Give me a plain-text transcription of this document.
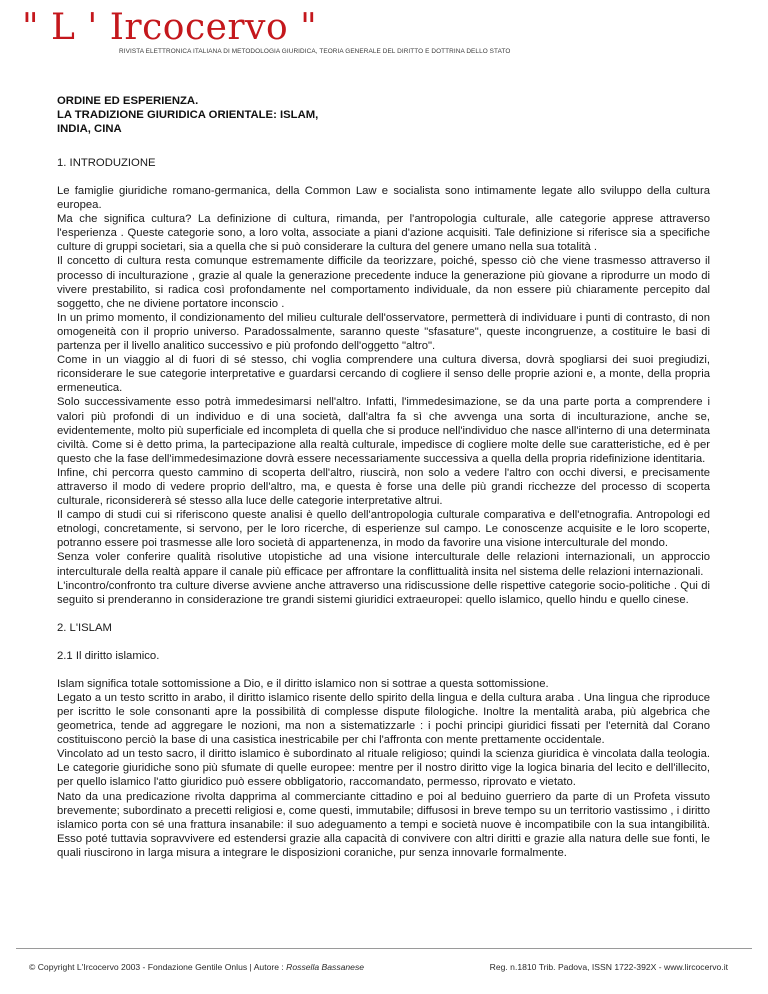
" L ' Ircocervo "
RIVISTA ELETTRONICA ITALIANA DI METODOLOGIA GIURIDICA, TEORIA GENERALE DEL DIRITTO E DOTTRINA DELLO STATO
ORDINE ED ESPERIENZA.
LA TRADIZIONE GIURIDICA ORIENTALE: ISLAM,
INDIA, CINA
1. INTRODUZIONE

Le famiglie giuridiche romano-germanica, della Common Law e socialista sono intimamente legate allo sviluppo della cultura europea.

Ma che significa cultura? La definizione di cultura, rimanda, per l'antropologia culturale, alle categorie apprese attraverso l'esperienza . Queste categorie sono, a loro volta, associate a piani d'azione acquisiti. Tale definizione si riferisce sia a specifiche culture di gruppi societari, sia a quella che si può considerare la cultura del genere umano nella sua totalità .

Il concetto di cultura resta comunque estremamente difficile da teorizzare, poiché, spesso ciò che viene trasmesso attraverso il processo di inculturazione , grazie al quale la generazione precedente induce la generazione più giovane a riprodurre un modo di vivere prestabilito, si radica così profondamente nel comportamento individuale, da non essere più chiaramente percepito dal soggetto, che ne diviene portatore inconscio .

In un primo momento, il condizionamento del milieu culturale dell'osservatore, permetterà di individuare i punti di contrasto, di non omogeneità con il proprio universo. Paradossalmente, saranno queste "sfasature", queste incongruenze, a costituire le basi di partenza per il livello analitico successivo e più profondo dell'oggetto "altro".

Come in un viaggio al di fuori di sé stesso, chi voglia comprendere una cultura diversa, dovrà spogliarsi dei suoi pregiudizi, riconsiderare le sue categorie interpretative e guardarsi cercando di cogliere il senso delle proprie azioni e, a monte, della propria ermeneutica.

Solo successivamente esso potrà immedesimarsi nell'altro. Infatti, l'immedesimazione, se da una parte porta a comprendere i valori più profondi di un individuo e di una società, dall'altra fa sì che avvenga una sorta di inculturazione, anche se, evidentemente, molto più superficiale ed incompleta di quella che si produce nell'individuo che nasce all'interno di una determinata civiltà. Come si è detto prima, la partecipazione alla realtà culturale, impedisce di cogliere molte delle sue caratteristiche, ed è per questo che la fase dell'immedesimazione dovrà essere necessariamente successiva a quella della propria ridefinizione identitaria.

Infine, chi percorra questo cammino di scoperta dell'altro, riuscirà, non solo a vedere l'altro con occhi diversi, e precisamente attraverso il modo di vedere proprio dell'altro, ma, e questa è forse una delle più grandi ricchezze del processo di scoperta culturale, riconsidererà sé stesso alla luce delle categorie interpretative altrui.

Il campo di studi cui si riferiscono queste analisi è quello dell'antropologia culturale comparativa e dell'etnografia. Antropologi ed etnologi, concretamente, si servono, per le loro ricerche, di esperienze sul campo. Le conoscenze acquisite e le loro scoperte, potranno essere poi trasmesse alle loro società di appartenenza, in modo da favorire una visione interculturale del mondo.

Senza voler conferire qualità risolutive utopistiche ad una visione interculturale delle relazioni internazionali, un approccio interculturale della realtà appare il canale più efficace per affrontare la conflittualità insita nel sistema delle relazioni internazionali.

L'incontro/confronto tra culture diverse avviene anche attraverso una ridiscussione delle rispettive categorie socio-politiche . Qui di seguito si prenderanno in considerazione tre grandi sistemi giuridici extraeuropei: quello islamico, quello hindu e quello cinese.

2. L'ISLAM
2.1 Il diritto islamico.

Islam significa totale sottomissione a Dio, e il diritto islamico non si sottrae a questa sottomissione.

Legato a un testo scritto in arabo, il diritto islamico risente dello spirito della lingua e della cultura araba . Una lingua che riproduce per iscritto le sole consonanti apre la possibilità di complesse dispute filologiche. Inoltre la mentalità araba, più algebrica che geometrica, tende ad aggregare le nozioni, ma non a sistematizzarle : i pochi principi giuridici fissati per l'eternità dal Corano costituiscono perciò la base di una casistica inestricabile per chi l'affronta con mente prettamente occidentale.

Vincolato ad un testo sacro, il diritto islamico è subordinato al rituale religioso; quindi la scienza giuridica è vincolata dalla teologia. Le categorie giuridiche sono più sfumate di quelle europee: mentre per il nostro diritto vige la logica binaria del lecito e dell'illecito, per quello islamico l'atto giuridico può essere obbligatorio, raccomandato, permesso, riprovato e vietato.

Nato da una predicazione rivolta dapprima al commerciante cittadino e poi al beduino guerriero da parte di un Profeta vissuto brevemente; subordinato a precetti religiosi e, come questi, immutabile; diffusosi in breve tempo su un territorio vastissimo , i diritto islamico porta con sé una frattura insanabile: il suo adeguamento a tempi e società nuove è incompatibile con la sua intangibilità. Esso poté tuttavia sopravvivere ed estendersi grazie alla capacità di convivere con altri diritti e grazie alla natura delle sue fonti, le quali riuscirono in larga misura a integrare le disposizioni coraniche, pur senza innovarle formalmente.

© Copyright L'Ircocervo 2003 - Fondazione Gentile Onlus | Autore : Rossella Bassanese	Reg. n.1810 Trib. Padova, ISSN 1722-392X - www.lircocervo.it
